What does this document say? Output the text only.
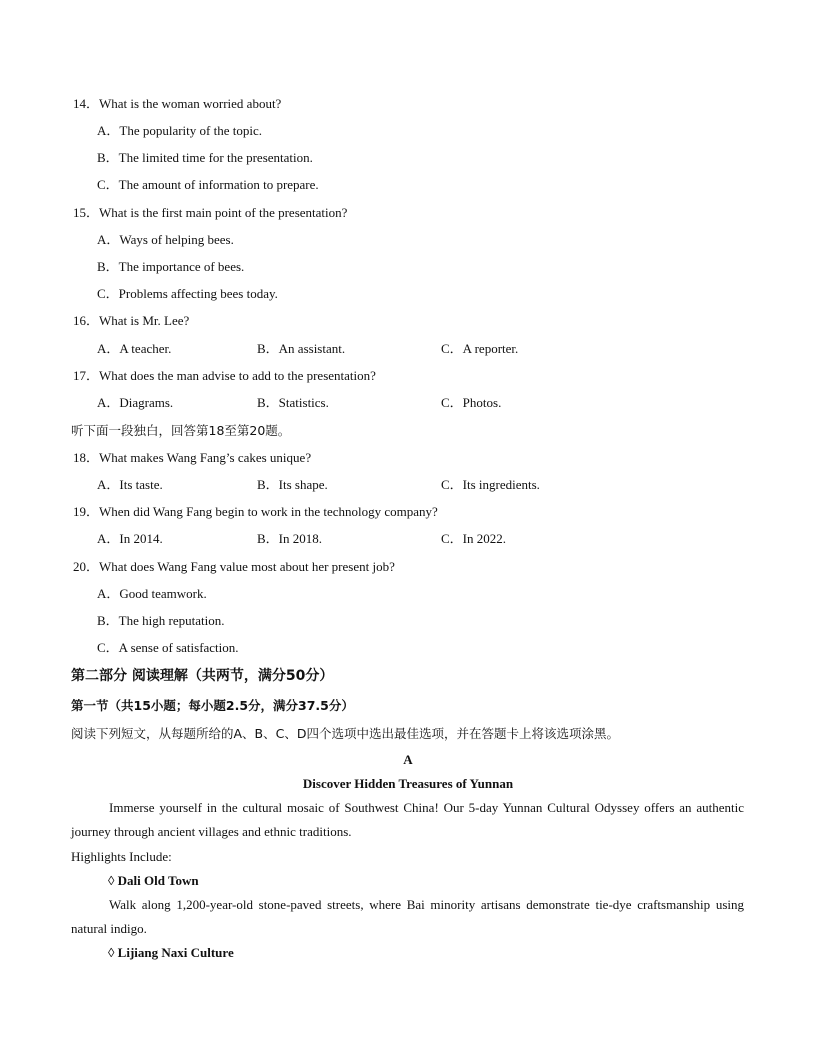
14．What is the woman worried about?
A．The popularity of the topic.
B．The limited time for the presentation.
C．The amount of information to prepare.
15．What is the first main point of the presentation?
A．Ways of helping bees.
B．The importance of bees.
C．Problems affecting bees today.
16．What is Mr. Lee?
A．A teacher.	B．An assistant.	C．A reporter.
17．What does the man advise to add to the presentation?
A．Diagrams.	B．Statistics.	C．Photos.
听下面一段独白，回答第18至第20题。
18．What makes Wang Fang’s cakes unique?
A．Its taste.	B．Its shape.	C．Its ingredients.
19．When did Wang Fang begin to work in the technology company?
A．In 2014.	B．In 2018.	C．In 2022.
20．What does Wang Fang value most about her present job?
A．Good teamwork.
B．The high reputation.
C．A sense of satisfaction.
第二部分 阅读理解（共两节，满分50分）
第一节（共15小题；每小题2.5分，满分37.5分）
阅读下列短文，从每题所给的A、B、C、D四个选项中选出最佳选项，并在答题卡上将该选项涂黑。
A
Discover Hidden Treasures of Yunnan
Immerse yourself in the cultural mosaic of Southwest China! Our 5-day Yunnan Cultural Odyssey offers an authentic journey through ancient villages and ethnic traditions.
Highlights Include:
◊ Dali Old Town
Walk along 1,200-year-old stone-paved streets, where Bai minority artisans demonstrate tie-dye craftsmanship using natural indigo.
◊ Lijiang Naxi Culture
